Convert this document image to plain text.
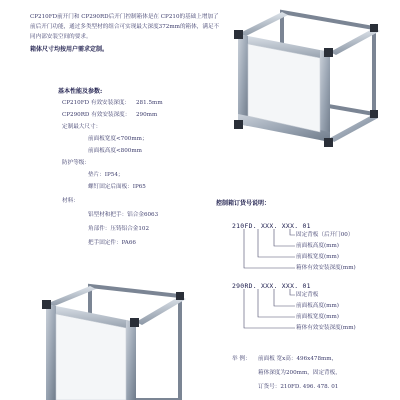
CP210FD前开门和 CP290RD后开门控制箱体是在 CP210的基础上增加了前后开门功能，通过多类型材的组合可实现最大深度372mm的箱体，满足不同内部安装空间的要求。
箱体尺寸均按用户需求定制。
基本性能及参数:
CP210FD 有效安装深度： 281.5mm
CP290RD 有效安装深度： 290mm
定制最大尺寸：
前面板宽度<700mm；
前面板高度<800mm
防护等级：
垫片：IP54；
螺钉固定后面板：IP65
材料：
铝型材和把手：铝合金6063
角部件：压铸铝合金102
把手固定件：PA66
控制箱订货号说明：
210FD. XXX. XXX. 01
固定背板（后开门00）
前面板高度(mm)
前面板宽度(mm)
箱体有效安装深度(mm)
290RD. XXX. XXX. 01
固定背板
前面板高度(mm)
前面板宽度(mm)
箱体有效安装深度(mm)
举 例： 前面板 宽x高：496x478mm，
箱体深度为200mm，固定背板，
订货号：210FD. 496. 478. 01
